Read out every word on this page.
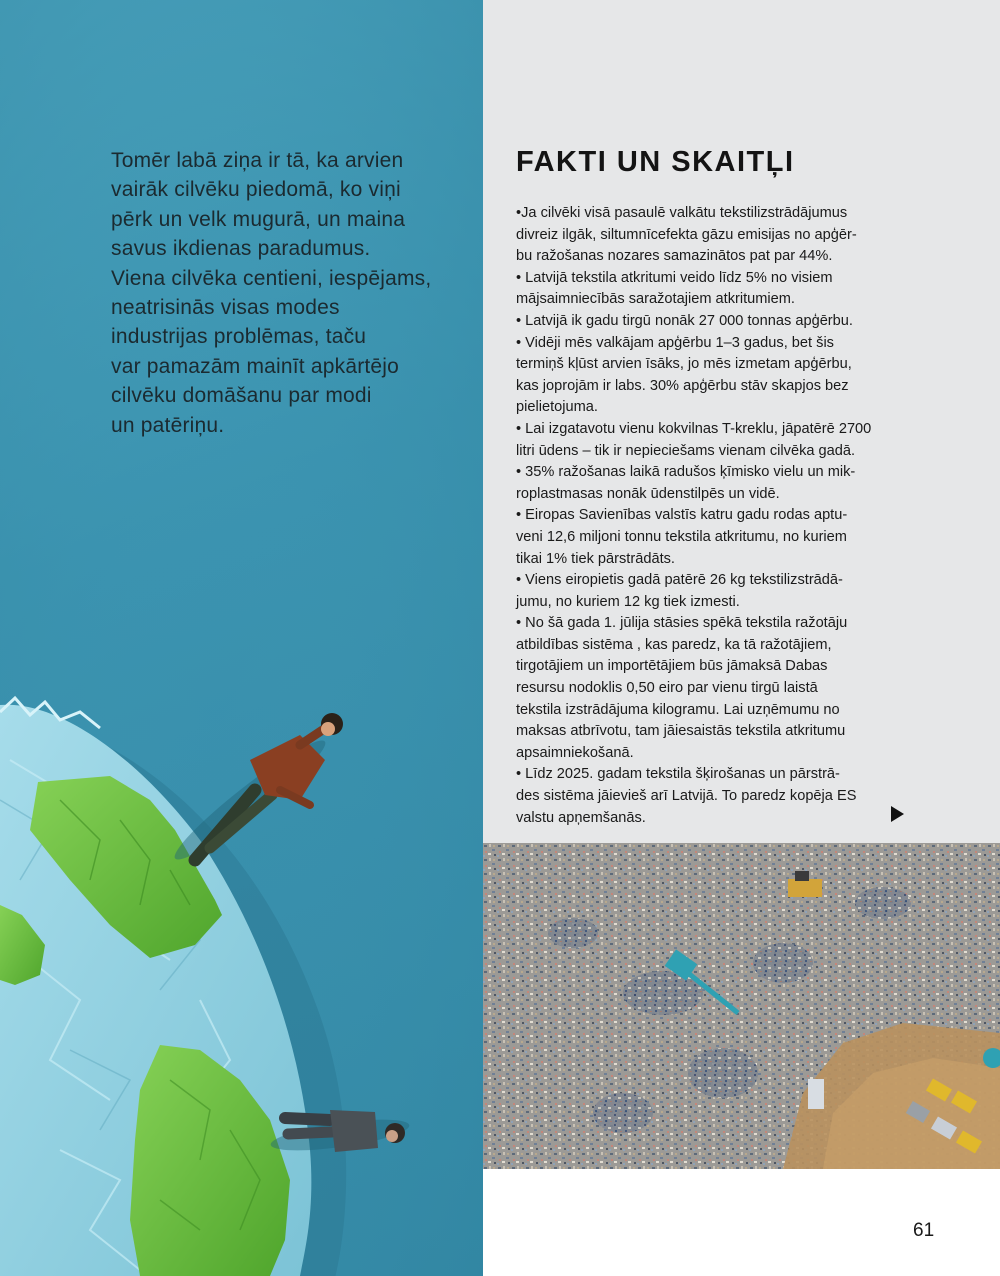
Tomēr labā ziņa ir tā, ka arvien
vairāk cilvēku piedomā, ko viņi
pērk un velk mugurā, un maina
savus ikdienas paradumus.
Viena cilvēka centieni, iespējams,
neatrisinās visas modes
industrijas problēmas, taču
var pamazām mainīt apkārtējo
cilvēku domāšanu par modi
un patēriņu.
FAKTI UN SKAITĻI
•Ja cilvēki visā pasaulē valkātu tekstilizstrādājumus
divreiz ilgāk, siltumnīcefekta gāzu emisijas no apģēr-
bu ražošanas nozares samazinātos pat par 44%.
• Latvijā tekstila atkritumi veido līdz 5% no visiem
mājsaimniecībās saražotajiem atkritumiem.
• Latvijā ik gadu tirgū nonāk 27 000 tonnas apģērbu.
• Vidēji mēs valkājam apģērbu 1–3 gadus, bet šis
termiņš kļūst arvien īsāks, jo mēs izmetam apģērbu,
kas joprojām ir labs. 30% apģērbu stāv skapjos bez
pielietojuma.
• Lai izgatavotu vienu kokvilnas T-kreklu, jāpatērē 2700
litri ūdens – tik ir nepieciešams vienam cilvēka gadā.
• 35% ražošanas laikā radušos ķīmisko vielu un mik-
roplastmasas nonāk ūdenstilpēs un vidē.
• Eiropas Savienības valstīs katru gadu rodas aptu-
veni 12,6 miljoni tonnu tekstila atkritumu, no kuriem
tikai 1% tiek pārstrādāts.
• Viens eiropietis gadā patērē 26 kg tekstilizstrādā-
jumu, no kuriem 12 kg tiek izmesti.
• No šā gada 1. jūlija stāsies spēkā tekstila ražotāju
atbildības sistēma , kas paredz, ka tā ražotājiem,
tirgotājiem un importētājiem būs jāmaksā Dabas
resursu nodoklis 0,50 eiro par vienu tirgū laistā
tekstila izstrādājuma kilogramu. Lai uzņēmumu no
maksas atbrīvotu, tam jāiesaistās tekstila atkritumu
apsaimniekošanā.
• Līdz 2025. gadam tekstila šķirošanas un pārstrā-
des sistēma jāievieš arī Latvijā. To paredz kopēja ES
valstu apņemšanās.
61
